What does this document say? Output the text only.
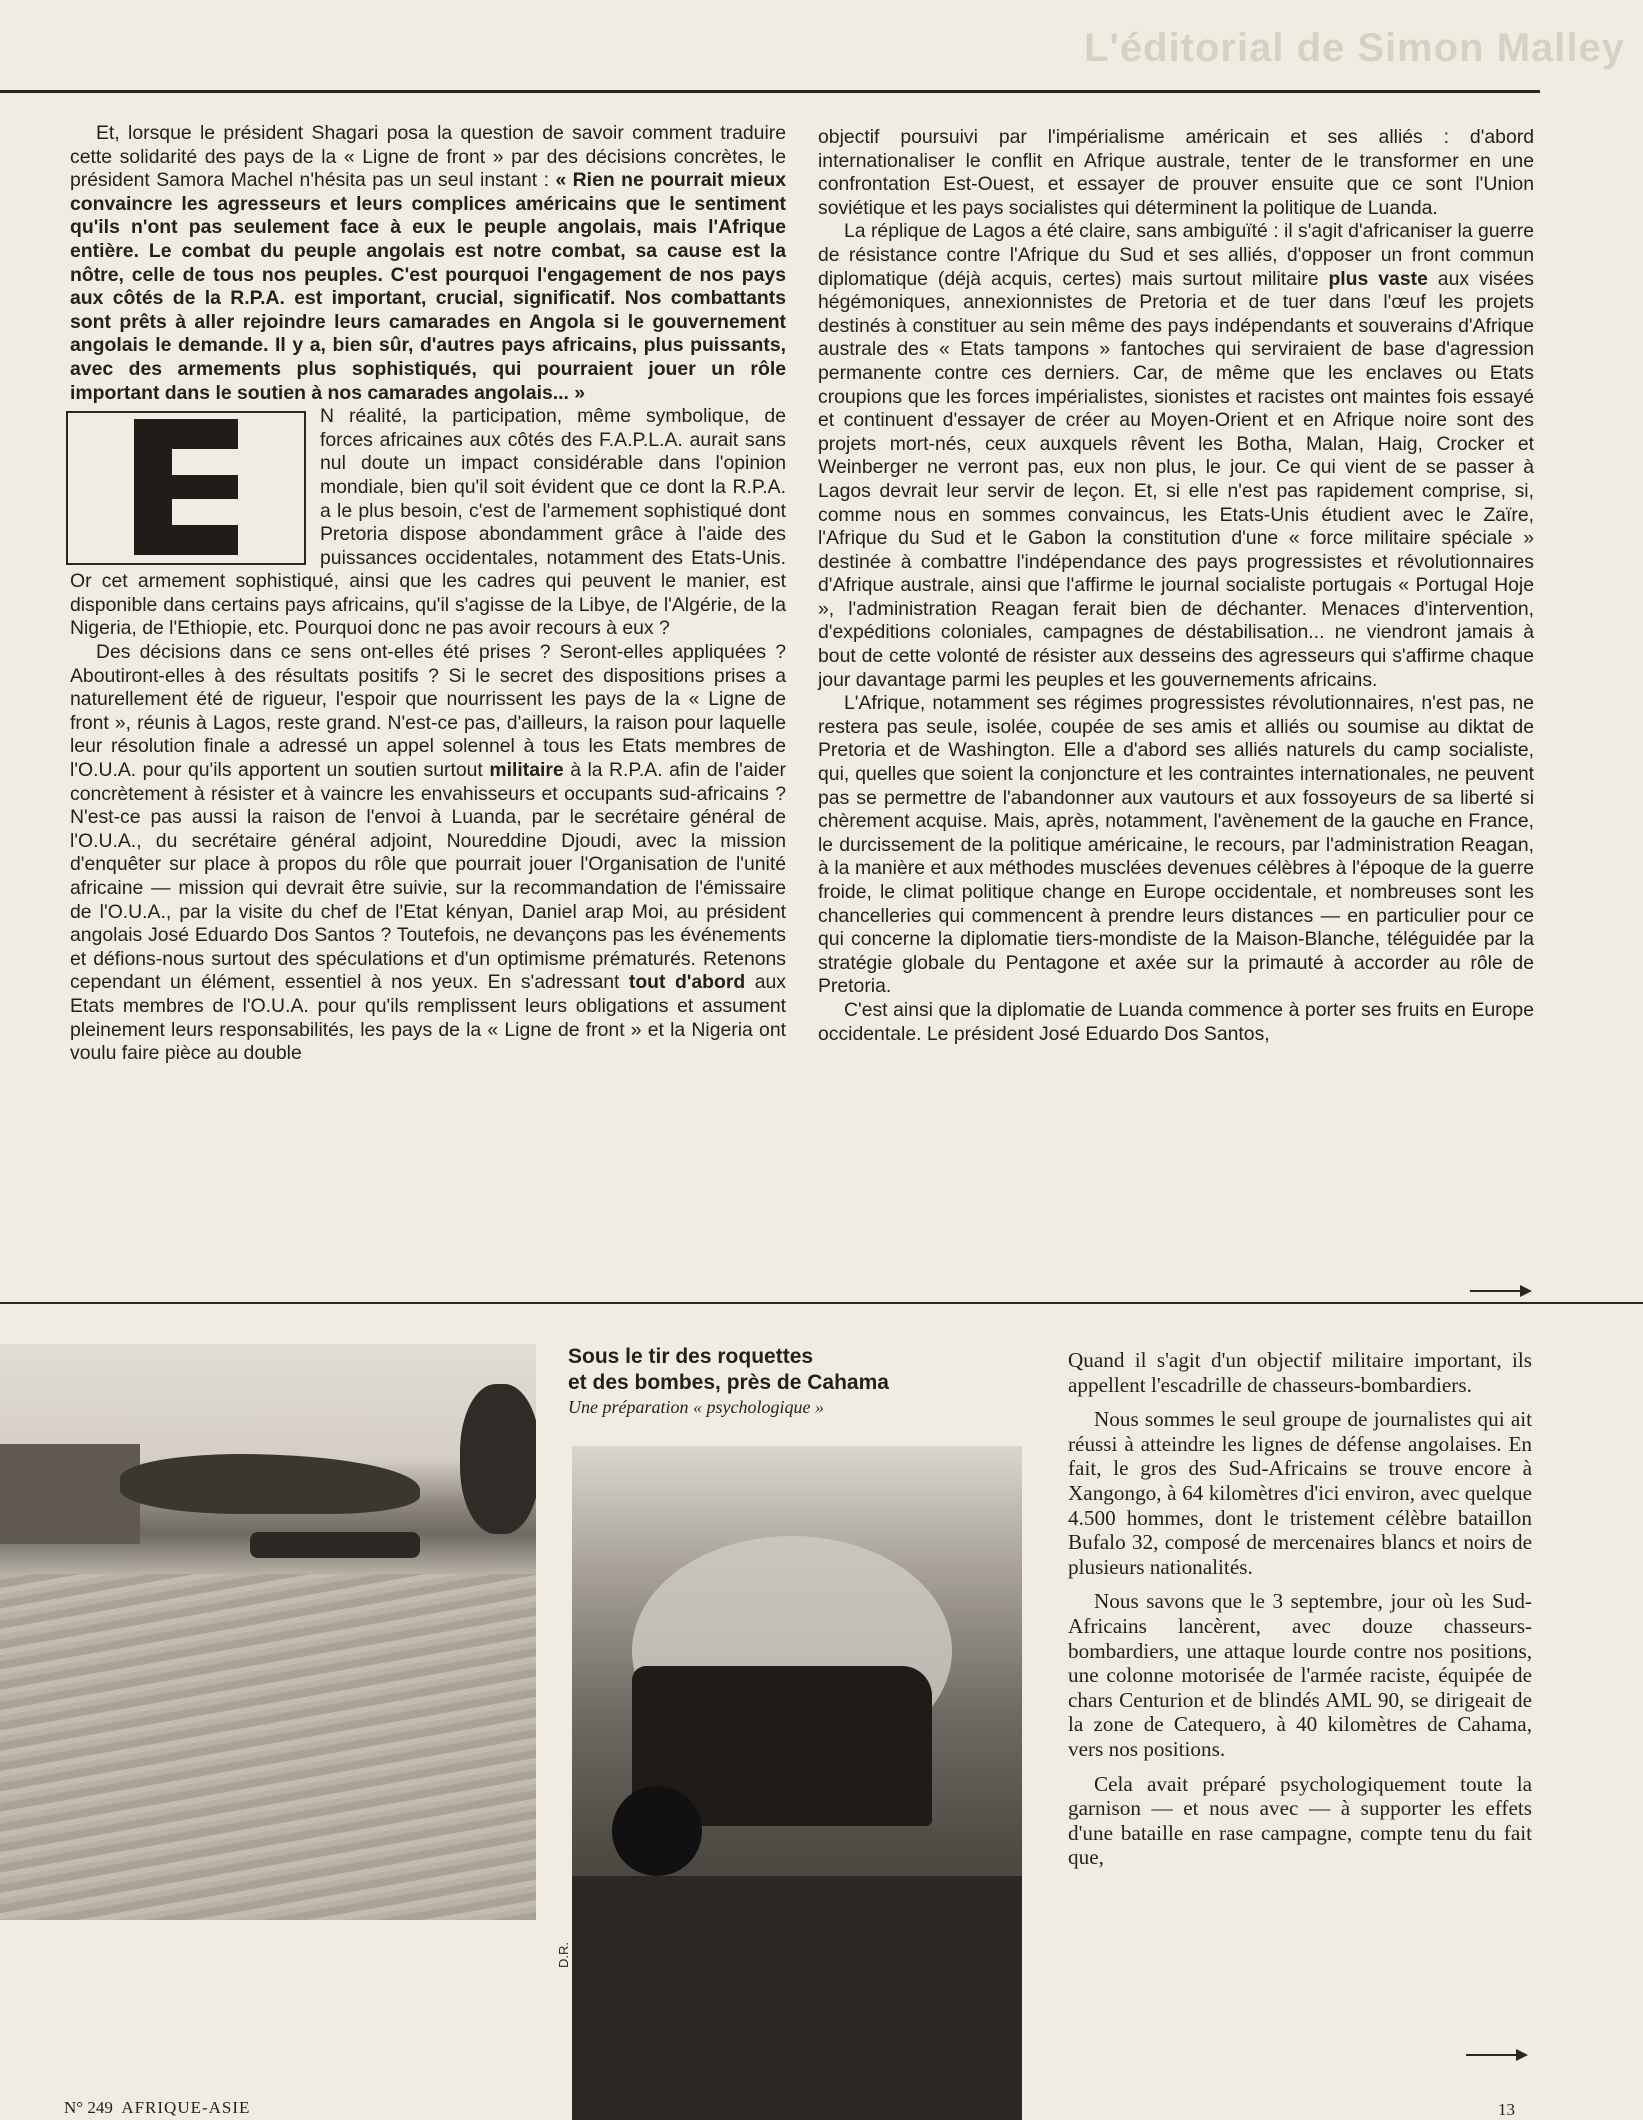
L'éditorial de Simon Malley

Et, lorsque le président Shagari posa la question de savoir comment traduire cette solidarité des pays de la « Ligne de front » par des décisions concrètes, le président Samora Machel n'hésita pas un seul instant : « Rien ne pourrait mieux convaincre les agresseurs et leurs complices américains que le sentiment qu'ils n'ont pas seulement face à eux le peuple angolais, mais l'Afrique entière. Le combat du peuple angolais est notre combat, sa cause est la nôtre, celle de tous nos peuples. C'est pourquoi l'engagement de nos pays aux côtés de la R.P.A. est important, crucial, significatif. Nos combattants sont prêts à aller rejoindre leurs camarades en Angola si le gouvernement angolais le demande. Il y a, bien sûr, d'autres pays africains, plus puissants, avec des armements plus sophistiqués, qui pourraient jouer un rôle important dans le soutien à nos camarades angolais... »

N réalité, la participation, même symbolique, de forces africaines aux côtés des F.A.P.L.A. aurait sans nul doute un impact considérable dans l'opinion mondiale, bien qu'il soit évident que ce dont la R.P.A. a le plus besoin, c'est de l'armement sophistiqué dont Pretoria dispose abondamment grâce à l'aide des puissances occidentales, notamment des Etats-Unis. Or cet armement sophistiqué, ainsi que les cadres qui peuvent le manier, est disponible dans certains pays africains, qu'il s'agisse de la Libye, de l'Algérie, de la Nigeria, de l'Ethiopie, etc. Pourquoi donc ne pas avoir recours à eux ?

Des décisions dans ce sens ont-elles été prises ? Seront-elles appliquées ? Aboutiront-elles à des résultats positifs ? Si le secret des dispositions prises a naturellement été de rigueur, l'espoir que nourrissent les pays de la « Ligne de front », réunis à Lagos, reste grand. N'est-ce pas, d'ailleurs, la raison pour laquelle leur résolution finale a adressé un appel solennel à tous les Etats membres de l'O.U.A. pour qu'ils apportent un soutien surtout militaire à la R.P.A. afin de l'aider concrètement à résister et à vaincre les envahisseurs et occupants sud-africains ? N'est-ce pas aussi la raison de l'envoi à Luanda, par le secrétaire général de l'O.U.A., du secrétaire général adjoint, Noureddine Djoudi, avec la mission d'enquêter sur place à propos du rôle que pourrait jouer l'Organisation de l'unité africaine — mission qui devrait être suivie, sur la recommandation de l'émissaire de l'O.U.A., par la visite du chef de l'Etat kényan, Daniel arap Moi, au président angolais José Eduardo Dos Santos ? Toutefois, ne devançons pas les événements et défions-nous surtout des spéculations et d'un optimisme prématurés. Retenons cependant un élément, essentiel à nos yeux. En s'adressant tout d'abord aux Etats membres de l'O.U.A. pour qu'ils remplissent leurs obligations et assument pleinement leurs responsabilités, les pays de la « Ligne de front » et la Nigeria ont voulu faire pièce au double

objectif poursuivi par l'impérialisme américain et ses alliés : d'abord internationaliser le conflit en Afrique australe, tenter de le transformer en une confrontation Est-Ouest, et essayer de prouver ensuite que ce sont l'Union soviétique et les pays socialistes qui déterminent la politique de Luanda.

La réplique de Lagos a été claire, sans ambiguïté : il s'agit d'africaniser la guerre de résistance contre l'Afrique du Sud et ses alliés, d'opposer un front commun diplomatique (déjà acquis, certes) mais surtout militaire plus vaste aux visées hégémoniques, annexionnistes de Pretoria et de tuer dans l'œuf les projets destinés à constituer au sein même des pays indépendants et souverains d'Afrique australe des « Etats tampons » fantoches qui serviraient de base d'agression permanente contre ces derniers. Car, de même que les enclaves ou Etats croupions que les forces impérialistes, sionistes et racistes ont maintes fois essayé et continuent d'essayer de créer au Moyen-Orient et en Afrique noire sont des projets mort-nés, ceux auxquels rêvent les Botha, Malan, Haig, Crocker et Weinberger ne verront pas, eux non plus, le jour. Ce qui vient de se passer à Lagos devrait leur servir de leçon. Et, si elle n'est pas rapidement comprise, si, comme nous en sommes convaincus, les Etats-Unis étudient avec le Zaïre, l'Afrique du Sud et le Gabon la constitution d'une « force militaire spéciale » destinée à combattre l'indépendance des pays progressistes et révolutionnaires d'Afrique australe, ainsi que l'affirme le journal socialiste portugais « Portugal Hoje », l'administration Reagan ferait bien de déchanter. Menaces d'intervention, d'expéditions coloniales, campagnes de déstabilisation... ne viendront jamais à bout de cette volonté de résister aux desseins des agresseurs qui s'affirme chaque jour davantage parmi les peuples et les gouvernements africains.

L'Afrique, notamment ses régimes progressistes révolutionnaires, n'est pas, ne restera pas seule, isolée, coupée de ses amis et alliés ou soumise au diktat de Pretoria et de Washington. Elle a d'abord ses alliés naturels du camp socialiste, qui, quelles que soient la conjoncture et les contraintes internationales, ne peuvent pas se permettre de l'abandonner aux vautours et aux fossoyeurs de sa liberté si chèrement acquise. Mais, après, notamment, l'avènement de la gauche en France, le durcissement de la politique américaine, le recours, par l'administration Reagan, à la manière et aux méthodes musclées devenues célèbres à l'époque de la guerre froide, le climat politique change en Europe occidentale, et nombreuses sont les chancelleries qui commencent à prendre leurs distances — en particulier pour ce qui concerne la diplomatie tiers-mondiste de la Maison-Blanche, téléguidée par la stratégie globale du Pentagone et axée sur la primauté à accorder au rôle de Pretoria.

C'est ainsi que la diplomatie de Luanda commence à porter ses fruits en Europe occidentale. Le président José Eduardo Dos Santos,

Sous le tir des roquettes

et des bombes, près de Cahama

Une préparation « psychologique »

D.R.

Quand il s'agit d'un objectif militaire important, ils appellent l'escadrille de chasseurs-bombardiers.

Nous sommes le seul groupe de journalistes qui ait réussi à atteindre les lignes de défense angolaises. En fait, le gros des Sud-Africains se trouve encore à Xangongo, à 64 kilomètres d'ici environ, avec quelque 4.500 hommes, dont le tristement célèbre bataillon Bufalo 32, composé de mercenaires blancs et noirs de plusieurs nationalités.

Nous savons que le 3 septembre, jour où les Sud-Africains lancèrent, avec douze chasseurs-bombardiers, une attaque lourde contre nos positions, une colonne motorisée de l'armée raciste, équipée de chars Centurion et de blindés AML 90, se dirigeait de la zone de Catequero, à 40 kilomètres de Cahama, vers nos positions.

Cela avait préparé psychologiquement toute la garnison — et nous avec — à supporter les effets d'une bataille en rase campagne, compte tenu du fait que,

N° 249 AFRIQUE-ASIE	13
